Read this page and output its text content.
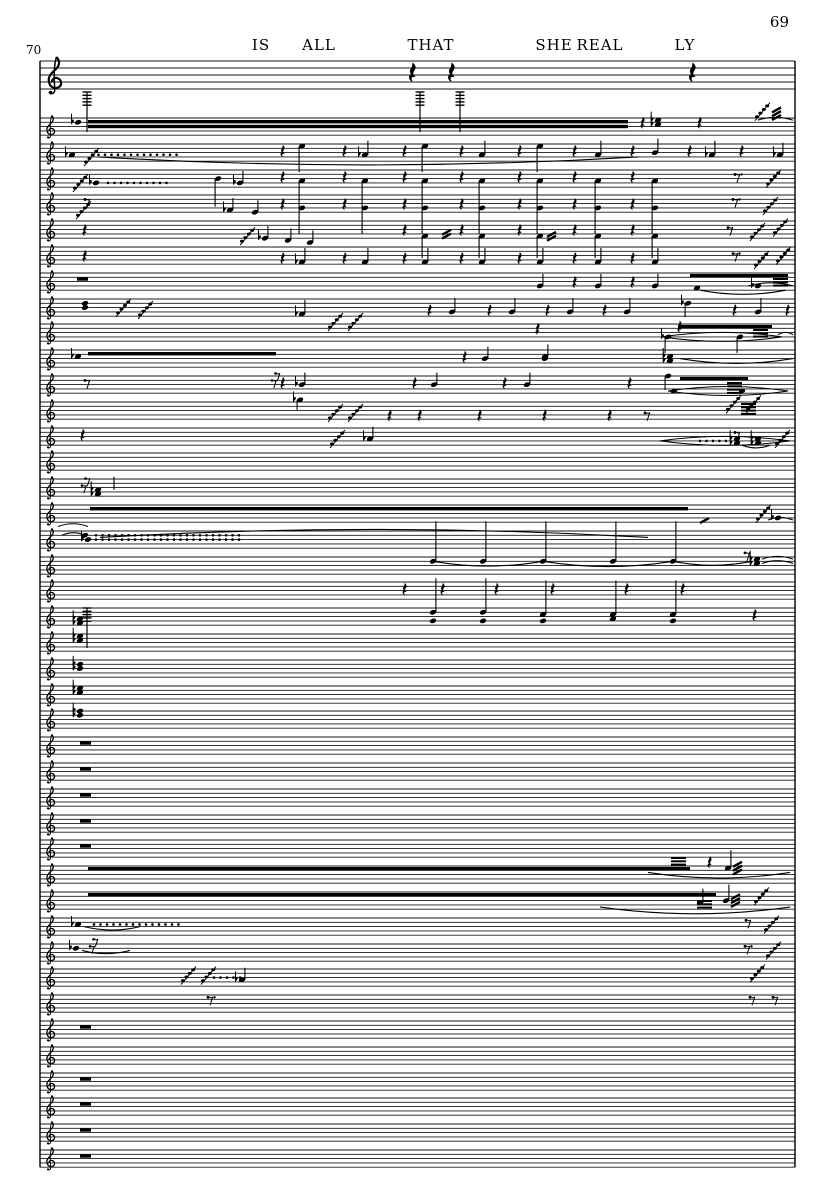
70
69
IS ALL	THAT	SHE REAL	LY
